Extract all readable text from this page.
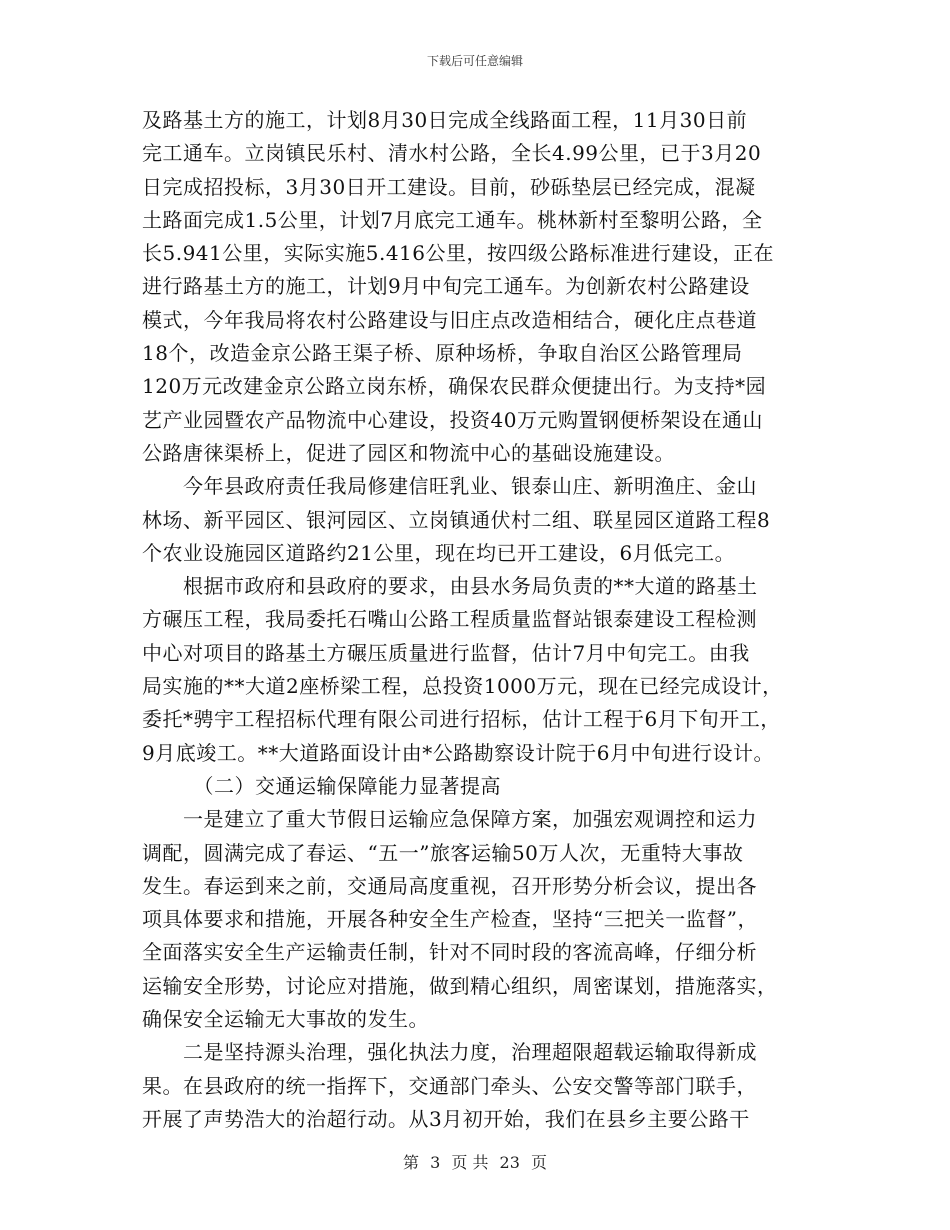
下载后可任意编辑
及路基土方的施工，计划8月30日完成全线路面工程，11月30日前
完工通车。立岗镇民乐村、清水村公路，全长4.99公里，已于3月20
日完成招投标，3月30日开工建设。目前，砂砾垫层已经完成，混凝
土路面完成1.5公里，计划7月底完工通车。桃林新村至黎明公路，全
长5.941公里，实际实施5.416公里，按四级公路标准进行建设，正在
进行路基土方的施工，计划9月中旬完工通车。为创新农村公路建设
模式，今年我局将农村公路建设与旧庄点改造相结合，硬化庄点巷道
18个，改造金京公路王渠子桥、原种场桥，争取自治区公路管理局
120万元改建金京公路立岗东桥，确保农民群众便捷出行。为支持*园
艺产业园暨农产品物流中心建设，投资40万元购置钢便桥架设在通山
公路唐徕渠桥上，促进了园区和物流中心的基础设施建设。
　　今年县政府责任我局修建信旺乳业、银泰山庄、新明渔庄、金山
林场、新平园区、银河园区、立岗镇通伏村二组、联星园区道路工程8
个农业设施园区道路约21公里，现在均已开工建设，6月低完工。
　　根据市政府和县政府的要求，由县水务局负责的**大道的路基土
方碾压工程，我局委托石嘴山公路工程质量监督站银泰建设工程检测
中心对项目的路基土方碾压质量进行监督，估计7月中旬完工。由我
局实施的**大道2座桥梁工程，总投资1000万元，现在已经完成设计，
委托*骋宇工程招标代理有限公司进行招标，估计工程于6月下旬开工，
9月底竣工。**大道路面设计由*公路勘察设计院于6月中旬进行设计。
　　　（二）交通运输保障能力显著提高
　　一是建立了重大节假日运输应急保障方案，加强宏观调控和运力
调配，圆满完成了春运、“五一”旅客运输50万人次，无重特大事故
发生。春运到来之前，交通局高度重视，召开形势分析会议，提出各
项具体要求和措施，开展各种安全生产检查，坚持“三把关一监督”，
全面落实安全生产运输责任制，针对不同时段的客流高峰，仔细分析
运输安全形势，讨论应对措施，做到精心组织，周密谋划，措施落实，
确保安全运输无大事故的发生。
　　二是坚持源头治理，强化执法力度，治理超限超载运输取得新成
果。在县政府的统一指挥下，交通部门牵头、公安交警等部门联手，
开展了声势浩大的治超行动。从3月初开始，我们在县乡主要公路干
第 3 页 共 23 页
